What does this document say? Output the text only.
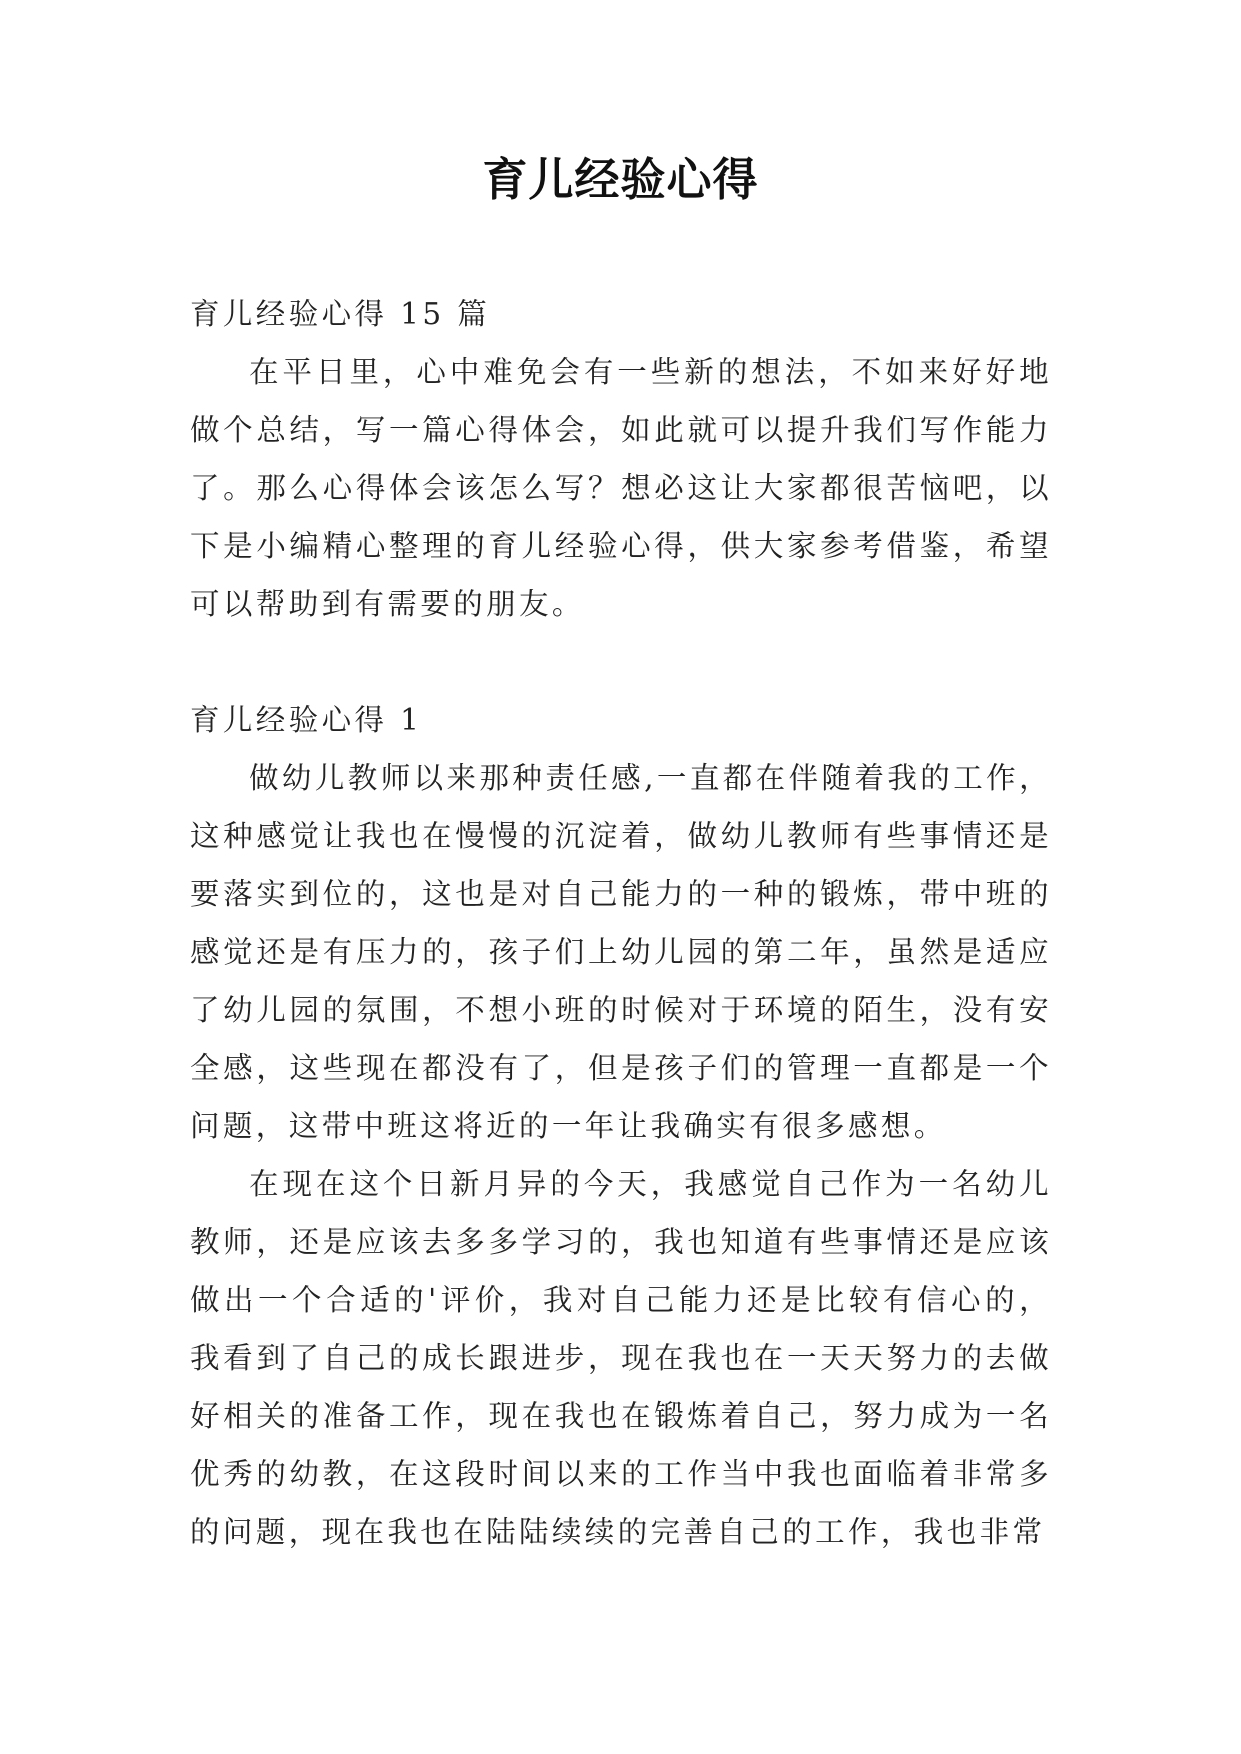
育儿经验心得

育儿经验心得 15 篇

在平日里，心中难免会有一些新的想法，不如来好好地做个总结，写一篇心得体会，如此就可以提升我们写作能力了。那么心得体会该怎么写？想必这让大家都很苦恼吧，以下是小编精心整理的育儿经验心得，供大家参考借鉴，希望可以帮助到有需要的朋友。

育儿经验心得 1

做幼儿教师以来那种责任感,一直都在伴随着我的工作，这种感觉让我也在慢慢的沉淀着，做幼儿教师有些事情还是要落实到位的，这也是对自己能力的一种的锻炼，带中班的感觉还是有压力的，孩子们上幼儿园的第二年，虽然是适应了幼儿园的氛围，不想小班的时候对于环境的陌生，没有安全感，这些现在都没有了，但是孩子们的管理一直都是一个问题，这带中班这将近的一年让我确实有很多感想。

在现在这个日新月异的今天，我感觉自己作为一名幼儿教师，还是应该去多多学习的，我也知道有些事情还是应该做出一个合适的'评价，我对自己能力还是比较有信心的，我看到了自己的成长跟进步，现在我也在一天天努力的去做好相关的准备工作，现在我也在锻炼着自己，努力成为一名优秀的幼教，在这段时间以来的工作当中我也面临着非常多的问题，现在我也在陆陆续续的完善自己的工作，我也非常
